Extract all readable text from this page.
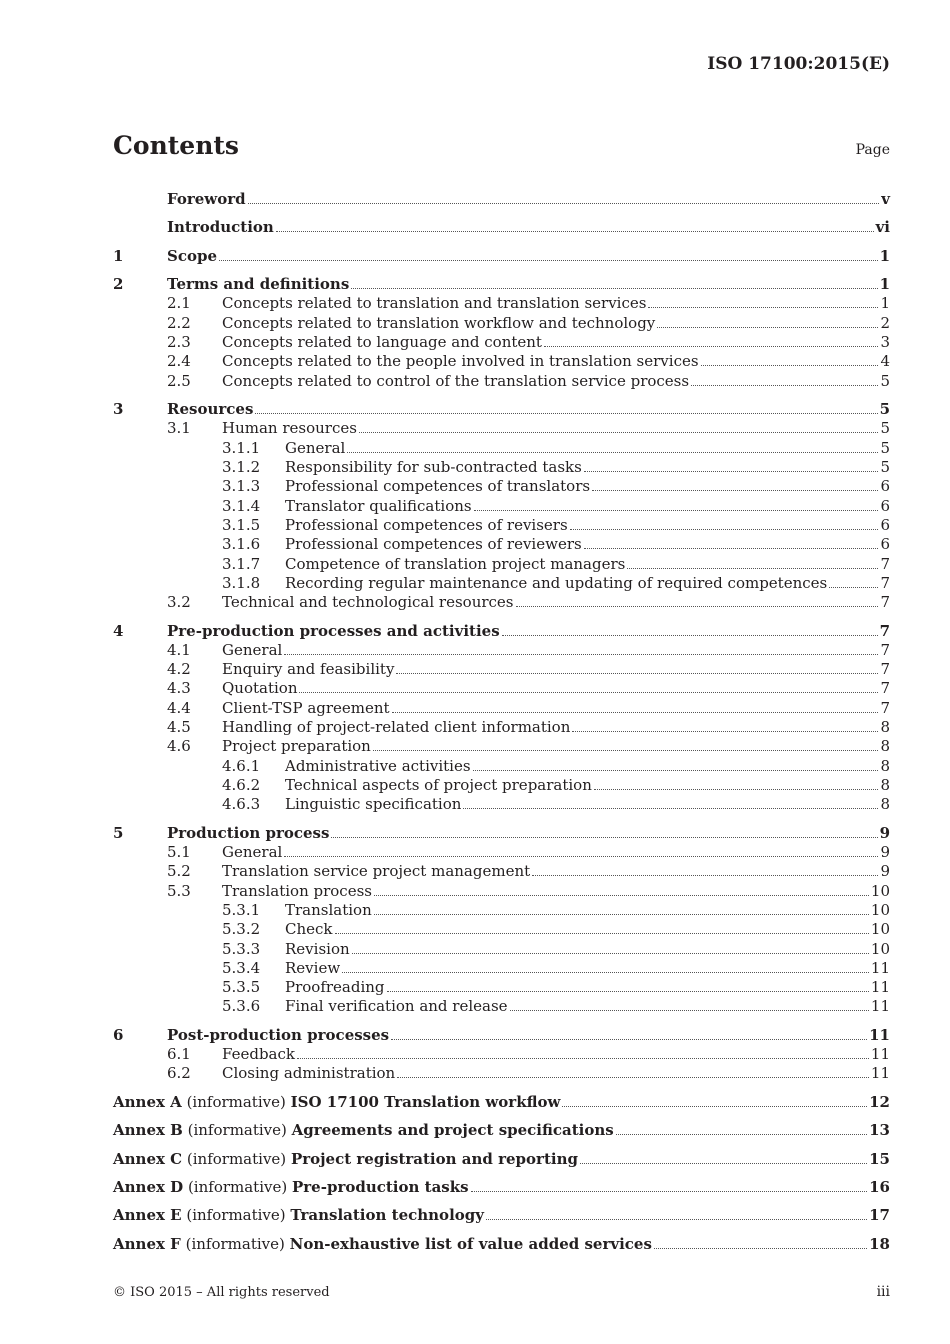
ISO 17100:2015(E)
Contents	Page
Foreword	v
Introduction	vi
1	Scope	1
2	Terms and definitions	1
2.1	Concepts related to translation and translation services	1
2.2	Concepts related to translation workflow and technology	2
2.3	Concepts related to language and content	3
2.4	Concepts related to the people involved in translation services	4
2.5	Concepts related to control of the translation service process	5
3	Resources	5
3.1	Human resources	5
3.1.1	General	5
3.1.2	Responsibility for sub-contracted tasks	5
3.1.3	Professional competences of translators	6
3.1.4	Translator qualifications	6
3.1.5	Professional competences of revisers	6
3.1.6	Professional competences of reviewers	6
3.1.7	Competence of translation project managers	7
3.1.8	Recording regular maintenance and updating of required competences	7
3.2	Technical and technological resources	7
4	Pre-production processes and activities	7
4.1	General	7
4.2	Enquiry and feasibility	7
4.3	Quotation	7
4.4	Client-TSP agreement	7
4.5	Handling of project-related client information	8
4.6	Project preparation	8
4.6.1	Administrative activities	8
4.6.2	Technical aspects of project preparation	8
4.6.3	Linguistic specification	8
5	Production process	9
5.1	General	9
5.2	Translation service project management	9
5.3	Translation process	10
5.3.1	Translation	10
5.3.2	Check	10
5.3.3	Revision	10
5.3.4	Review	11
5.3.5	Proofreading	11
5.3.6	Final verification and release	11
6	Post-production processes	11
6.1	Feedback	11
6.2	Closing administration	11
Annex A (informative) ISO 17100 Translation workflow	12
Annex B (informative) Agreements and project specifications	13
Annex C (informative) Project registration and reporting	15
Annex D (informative) Pre-production tasks	16
Annex E (informative) Translation technology	17
Annex F (informative) Non-exhaustive list of value added services	18
© ISO 2015 – All rights reserved	iii
